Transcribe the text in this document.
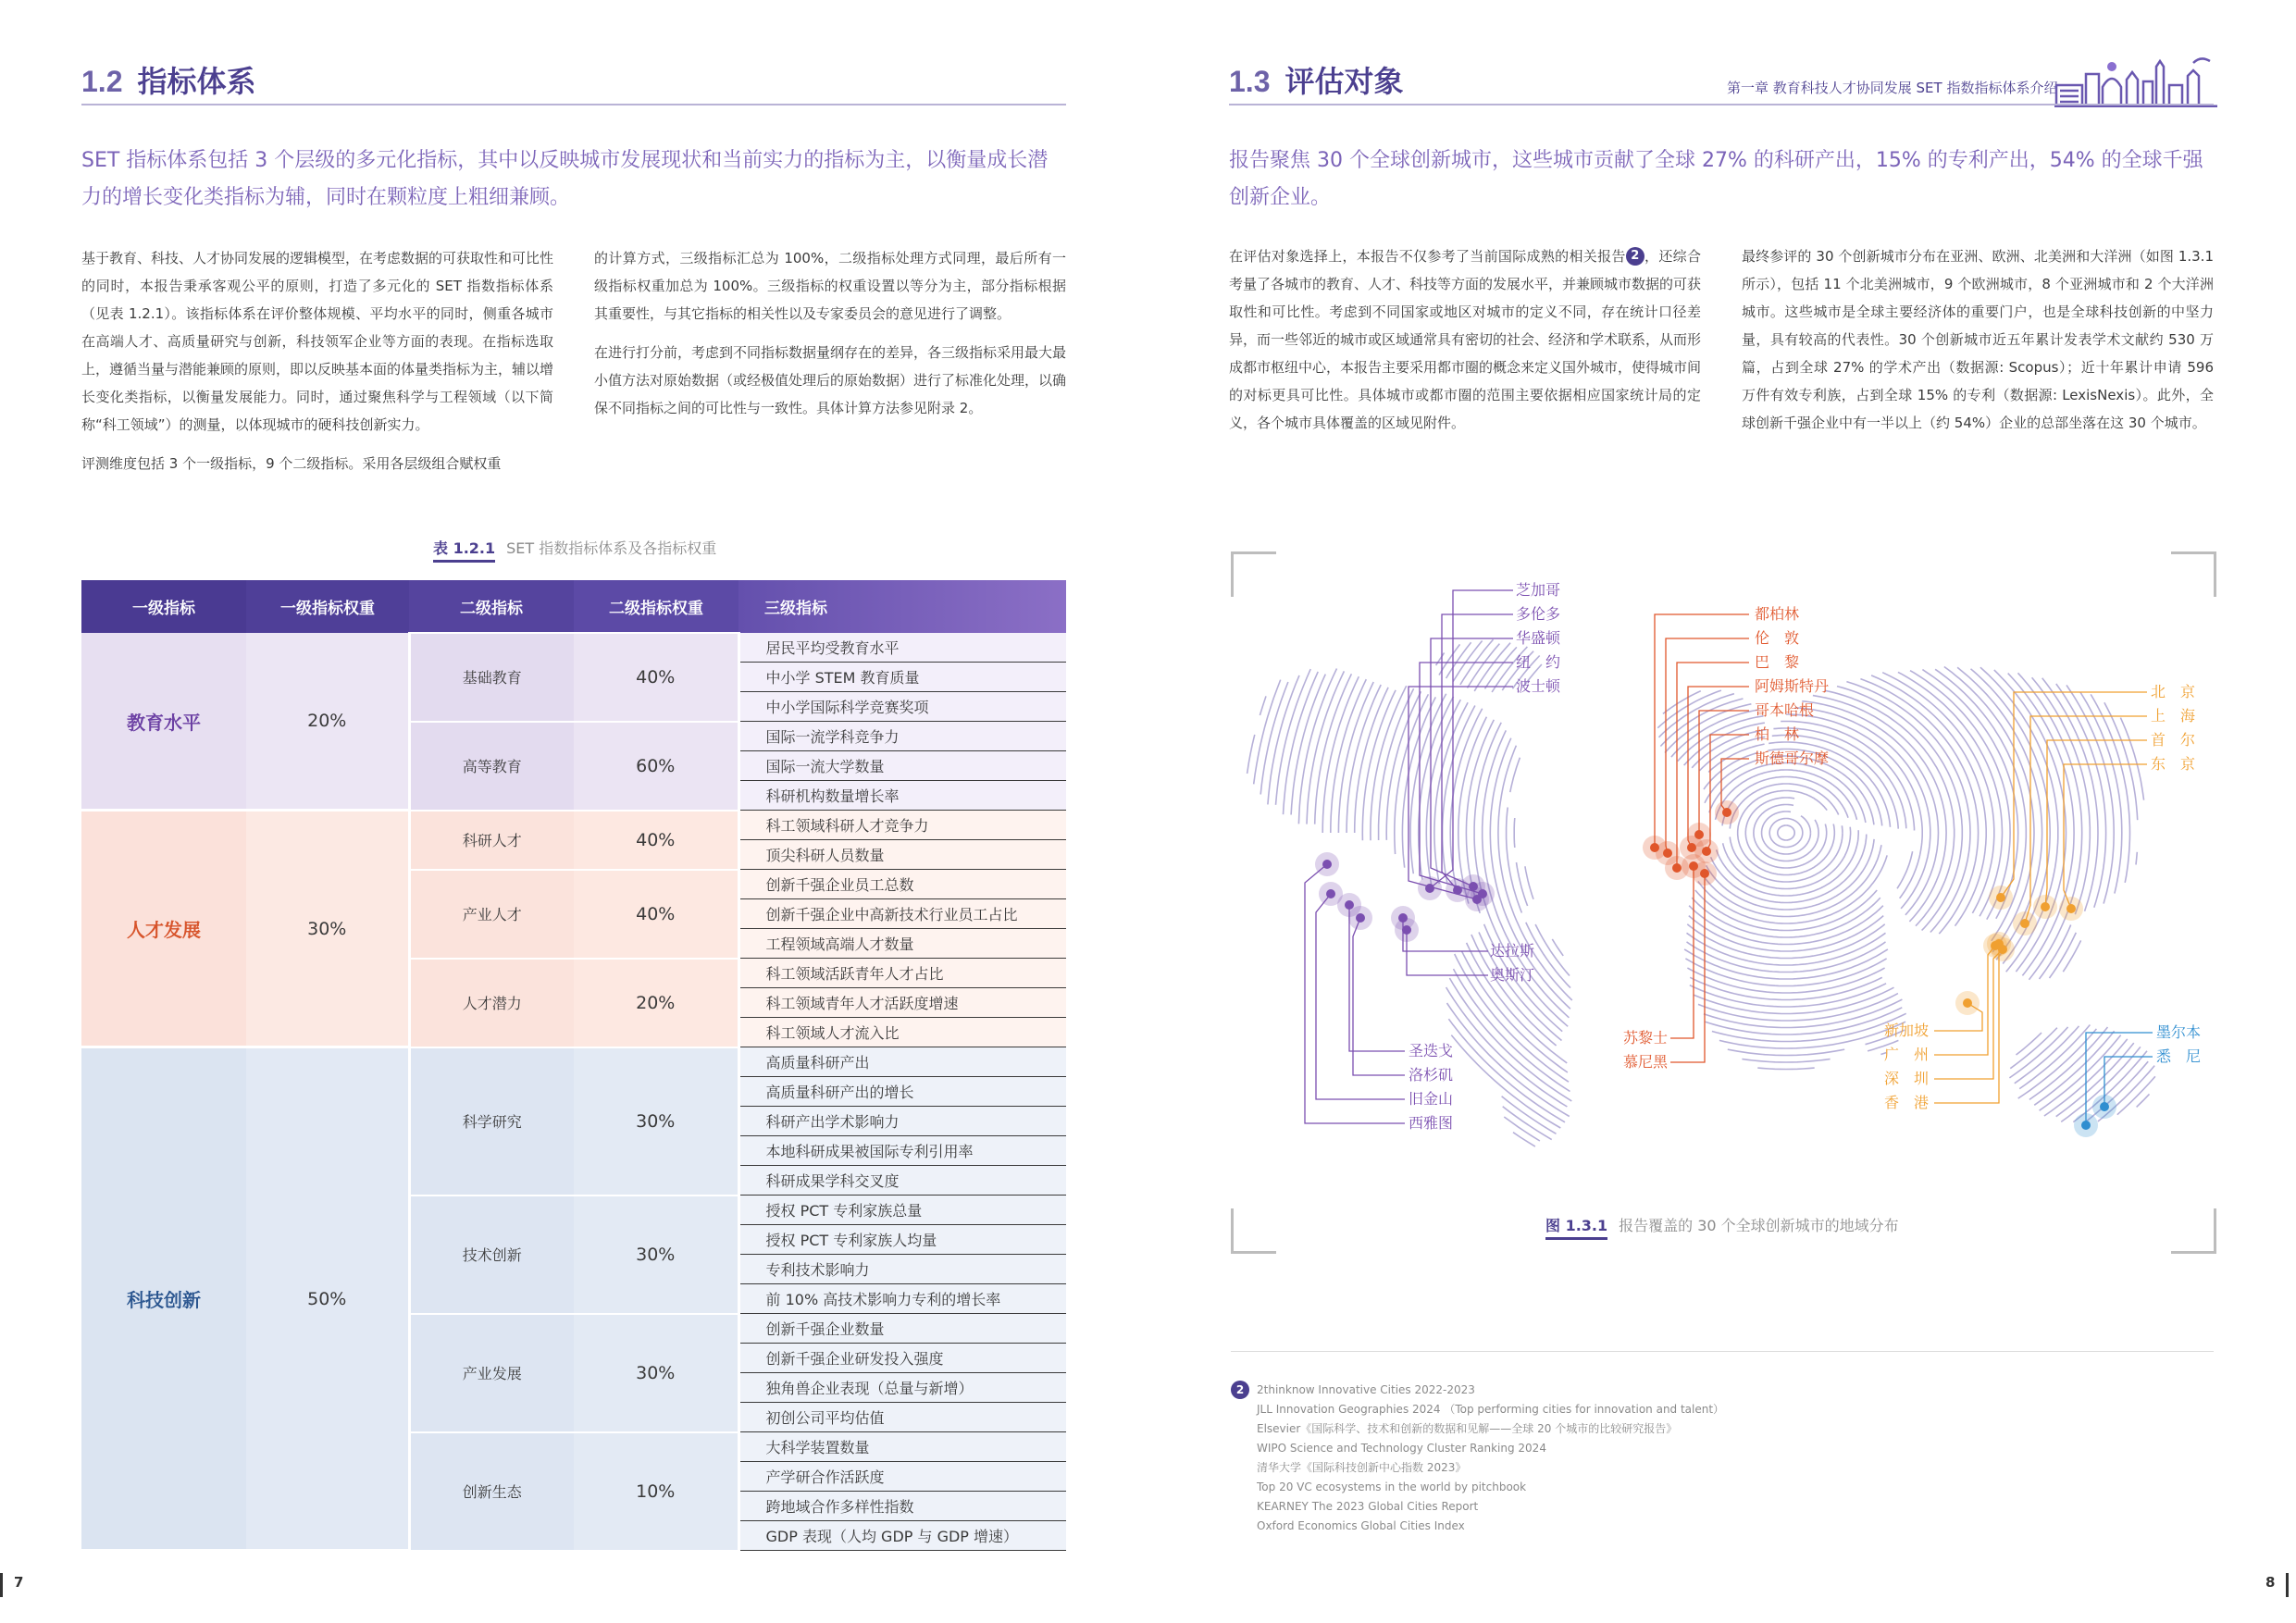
1.2 指标体系
SET 指标体系包括 3 个层级的多元化指标，其中以反映城市发展现状和当前实力的指标为主，以衡量成长潜力的增长变化类指标为辅，同时在颗粒度上粗细兼顾。

基于教育、科技、人才协同发展的逻辑模型，在考虑数据的可获取性和可比性的同时，本报告秉承客观公平的原则，打造了多元化的 SET 指数指标体系（见表 1.2.1）。该指标体系在评价整体规模、平均水平的同时，侧重各城市在高端人才、高质量研究与创新，科技领军企业等方面的表现。在指标选取上，遵循当量与潜能兼顾的原则，即以反映基本面的体量类指标为主，辅以增长变化类指标，以衡量发展能力。同时，通过聚焦科学与工程领域（以下简称“科工领域”）的测量，以体现城市的硬科技创新实力。

评测维度包括 3 个一级指标，9 个二级指标。采用各层级组合赋权重

的计算方式，三级指标汇总为 100%，二级指标处理方式同理，最后所有一级指标权重加总为 100%。三级指标的权重设置以等分为主，部分指标根据其重要性，与其它指标的相关性以及专家委员会的意见进行了调整。

在进行打分前，考虑到不同指标数据量纲存在的差异，各三级指标采用最大最小值方法对原始数据（或经极值处理后的原始数据）进行了标准化处理，以确保不同指标之间的可比性与一致性。具体计算方法参见附录 2。

表 1.2.1 SET 指数指标体系及各指标权重
一级指标	一级指标权重	二级指标	二级指标权重	三级指标
教育水平	20%	基础教育	40%	居民平均受教育水平
				中小学 STEM 教育质量
				中小学国际科学竞赛奖项
		高等教育	60%	国际一流学科竞争力
				国际一流大学数量
				科研机构数量增长率
人才发展	30%	科研人才	40%	科工领域科研人才竞争力
				顶尖科研人员数量
		产业人才	40%	创新千强企业员工总数
				创新千强企业中高新技术行业员工占比
				工程领域高端人才数量
		人才潜力	20%	科工领域活跃青年人才占比
				科工领域青年人才活跃度增速
				科工领域人才流入比
科技创新	50%	科学研究	30%	高质量科研产出
				高质量科研产出的增长
				科研产出学术影响力
				本地科研成果被国际专利引用率
				科研成果学科交叉度
		技术创新	30%	授权 PCT 专利家族总量
				授权 PCT 专利家族人均量
				专利技术影响力
				前 10% 高技术影响力专利的增长率
		产业发展	30%	创新千强企业数量
				创新千强企业研发投入强度
				独角兽企业表现（总量与新增）
				初创公司平均估值
		创新生态	10%	大科学装置数量
				产学研合作活跃度
				跨地域合作多样性指数
				GDP 表现（人均 GDP 与 GDP 增速）
7
1.3 评估对象	第一章 教育科技人才协同发展 SET 指数指标体系介绍
报告聚焦 30 个全球创新城市，这些城市贡献了全球 27% 的科研产出，15% 的专利产出，54% 的全球千强创新企业。

在评估对象选择上，本报告不仅参考了当前国际成熟的相关报告 2 ，还综合考量了各城市的教育、人才、科技等方面的发展水平，并兼顾城市数据的可获取性和可比性。考虑到不同国家或地区对城市的定义不同，存在统计口径差异，而一些邻近的城市或区域通常具有密切的社会、经济和学术联系，从而形成都市枢纽中心，本报告主要采用都市圈的概念来定义国外城市，使得城市间的对标更具可比性。具体城市或都市圈的范围主要依据相应国家统计局的定义，各个城市具体覆盖的区域见附件。

最终参评的 30 个创新城市分布在亚洲、欧洲、北美洲和大洋洲（如图 1.3.1 所示），包括 11 个北美洲城市，9 个欧洲城市，8 个亚洲城市和 2 个大洋洲城市。这些城市是全球主要经济体的重要门户，也是全球科技创新的中坚力量，具有较高的代表性。30 个创新城市近五年累计发表学术文献约 530 万篇，占到全球 27% 的学术产出（数据源: Scopus）；近十年累计申请 596 万件有效专利族，占到全球 15% 的专利（数据源: LexisNexis）。此外，全球创新千强企业中有一半以上（约 54%）企业的总部坐落在这 30 个城市。

芝加哥
多伦多
华盛顿
纽　约
波士顿
达拉斯
奥斯汀
圣迭戈
洛杉矶
旧金山
西雅图
都柏林
伦　敦
巴　黎
阿姆斯特丹
哥本哈根
柏　林
斯德哥尔摩
苏黎士
慕尼黑
北　京
上　海
首　尔
东　京
新加坡
广　州
深　圳
香　港
墨尔本
悉　尼
图 1.3.1 报告覆盖的 30 个全球创新城市的地域分布
2	2thinknow Innovative Cities 2022-2023
JLL Innovation Geographies 2024 （Top performing cities for innovation and talent）
Elsevier《国际科学、技术和创新的数据和见解——全球 20 个城市的比较研究报告》
WIPO Science and Technology Cluster Ranking 2024
清华大学《国际科技创新中心指数 2023》
Top 20 VC ecosystems in the world by pitchbook
KEARNEY The 2023 Global Cities Report
Oxford Economics Global Cities Index
8
